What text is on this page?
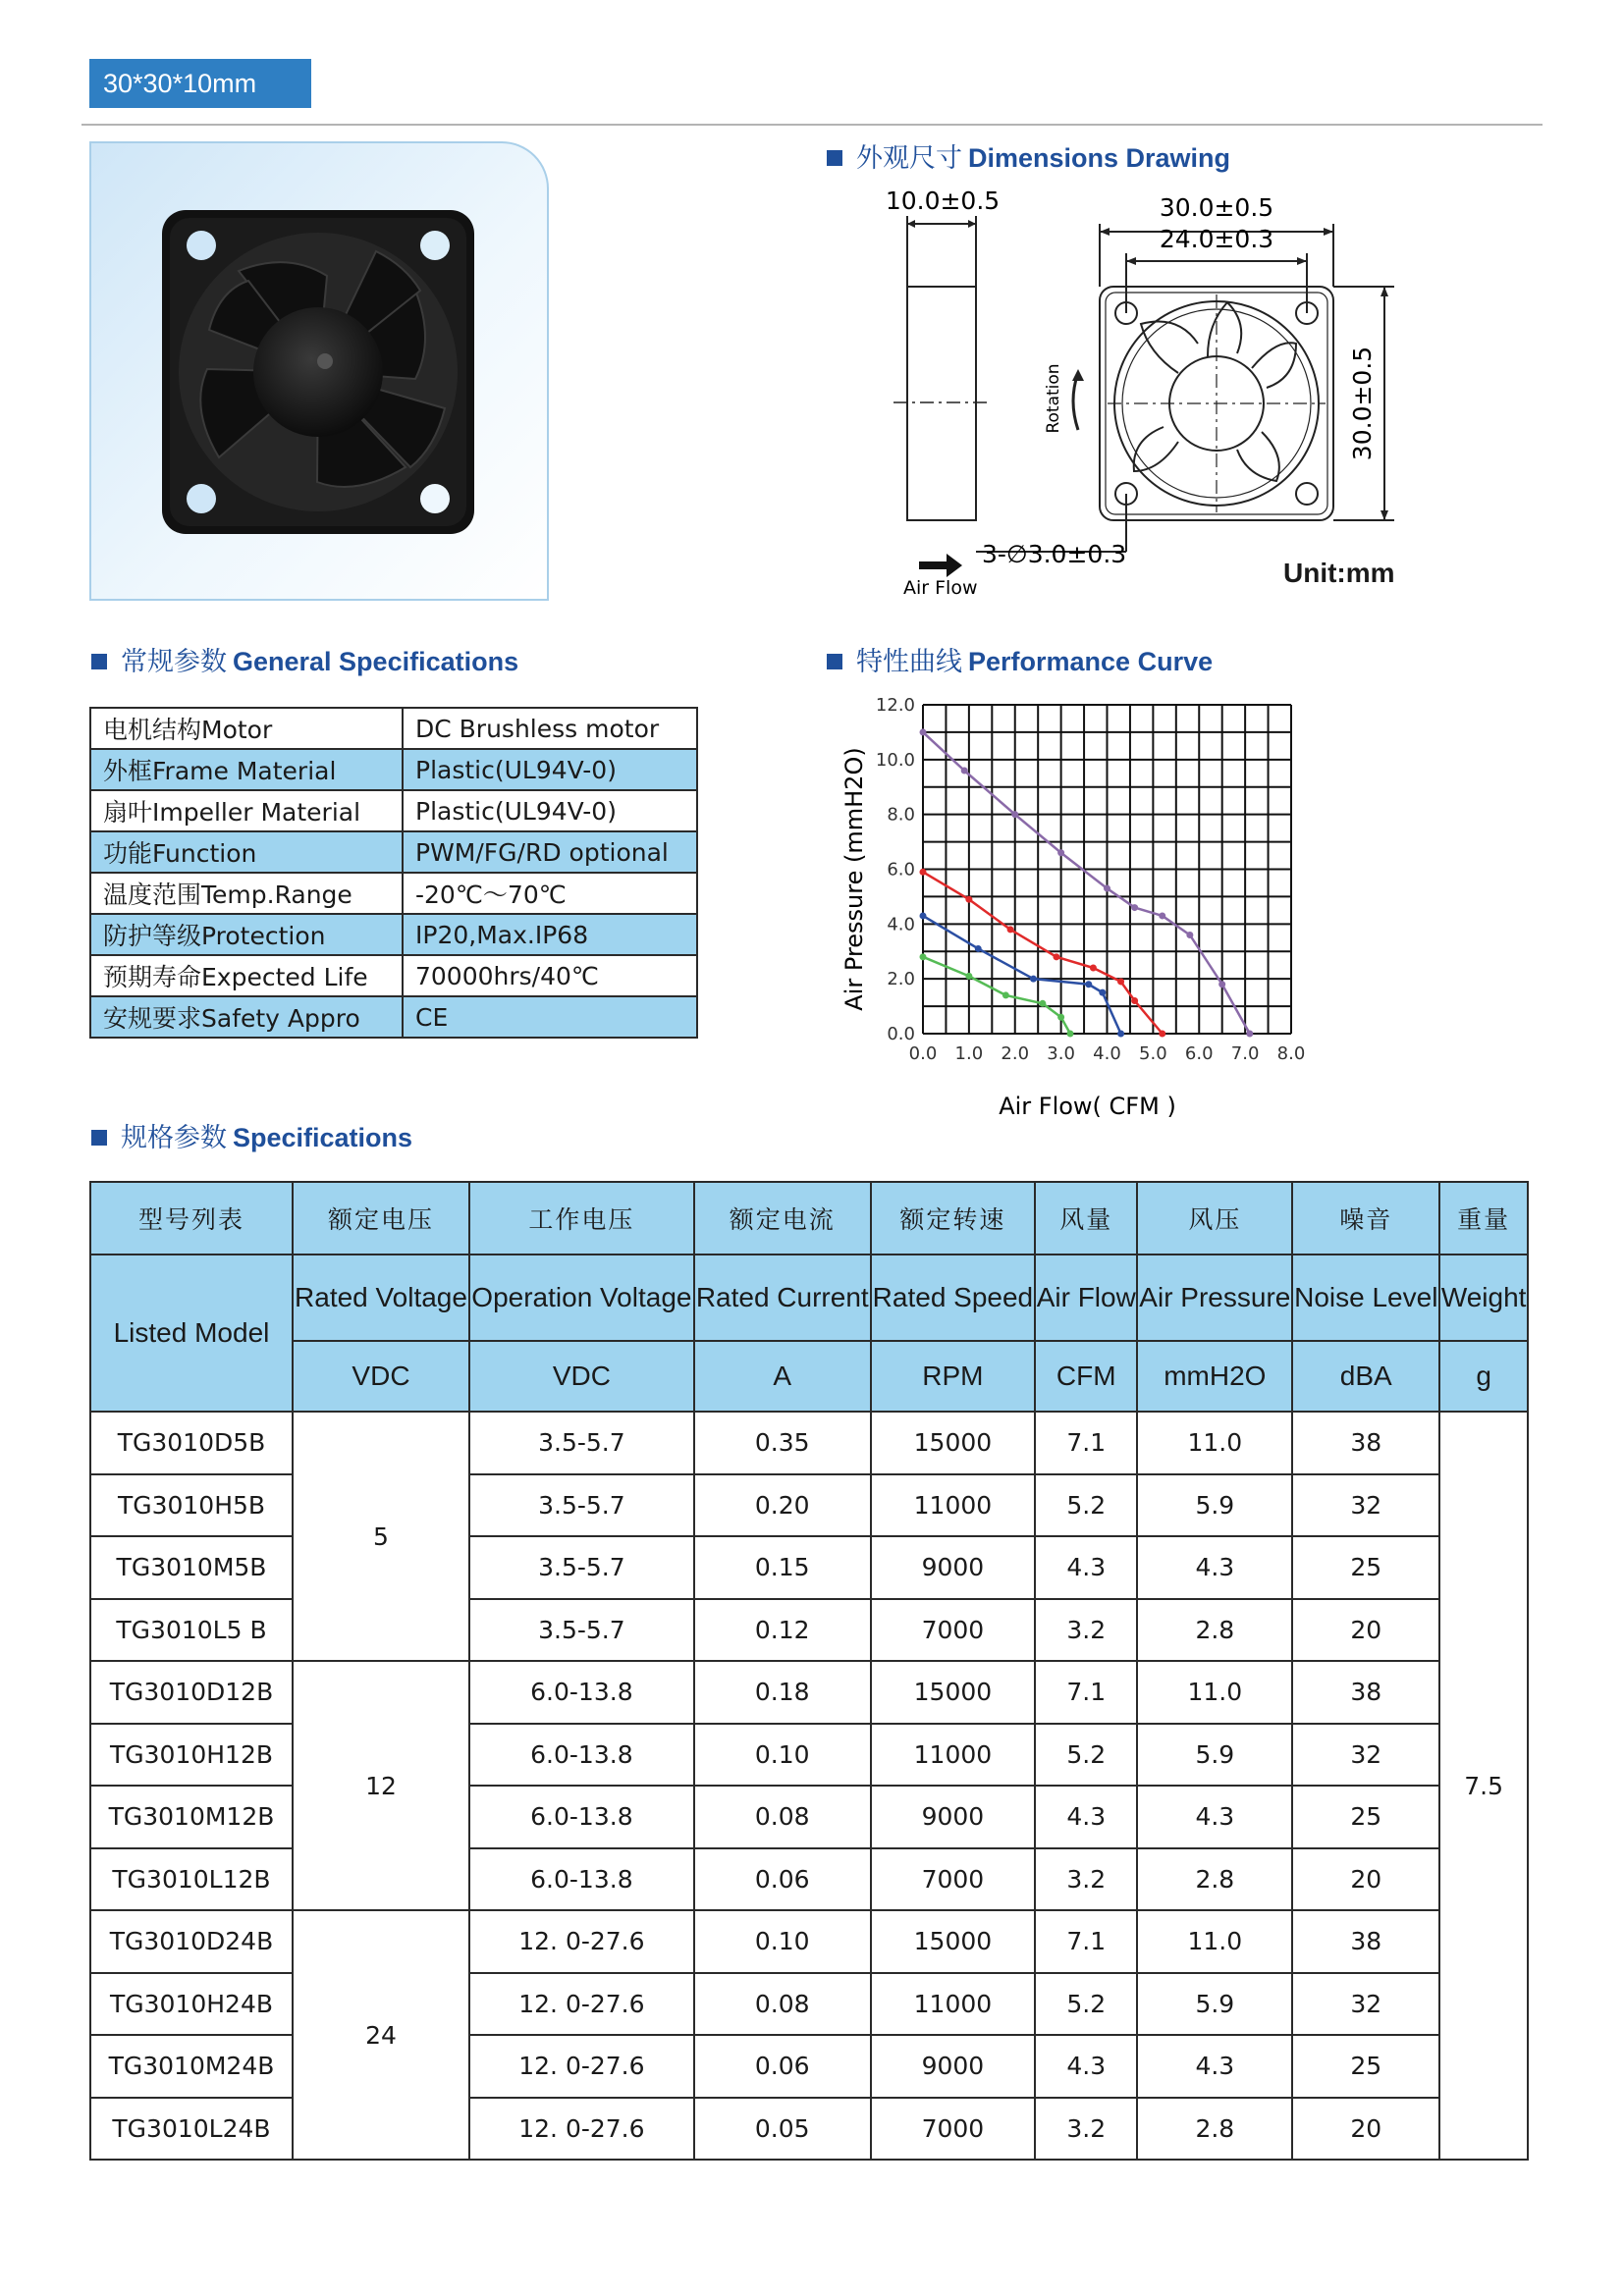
30*30*10mm
外观尺寸 Dimensions Drawing
10.0±0.5	30.0±0.5
24.0±0.3
30.0±0.5
Rotation
3-∅3.0±0.3
Air Flow	Unit:mm
常规参数 General Specifications
电机结构Motor	DC Brushless motor
外框Frame Material	Plastic(UL94V-0)
扇叶Impeller Material	Plastic(UL94V-0)
功能Function	PWM/FG/RD optional
温度范围Temp.Range	-20℃～70℃
防护等级Protection	IP20,Max.IP68
预期寿命Expected Life	70000hrs/40℃
安规要求Safety Appro	CE
特性曲线 Performance Curve
0.0 1.0 2.0 3.0 4.0 5.0 6.0 7.0 8.0
0.0
2.0
4.0
6.0
8.0
10.0
12.0
Air Flow( CFM )
Air Pressure (mmH2O)
规格参数 Specifications
型号列表	额定电压	工作电压	额定电流	额定转速	风量	风压	噪音	重量
Listed Model	Rated Voltage	Operation Voltage	Rated Current	Rated Speed	Air Flow	Air Pressure	Noise Level	Weight
	VDC	VDC	A	RPM	CFM	mmH2O	dBA	g
TG3010D5B	5	3.5-5.7	0.35	15000	7.1	11.0	38	7.5
TG3010H5B		3.5-5.7	0.20	11000	5.2	5.9	32	
TG3010M5B		3.5-5.7	0.15	9000	4.3	4.3	25	
TG3010L5 B		3.5-5.7	0.12	7000	3.2	2.8	20	
TG3010D12B	12	6.0-13.8	0.18	15000	7.1	11.0	38	
TG3010H12B		6.0-13.8	0.10	11000	5.2	5.9	32	
TG3010M12B		6.0-13.8	0.08	9000	4.3	4.3	25	
TG3010L12B		6.0-13.8	0.06	7000	3.2	2.8	20	
TG3010D24B	24	12. 0-27.6	0.10	15000	7.1	11.0	38	
TG3010H24B		12. 0-27.6	0.08	11000	5.2	5.9	32	
TG3010M24B		12. 0-27.6	0.06	9000	4.3	4.3	25	
TG3010L24B		12. 0-27.6	0.05	7000	3.2	2.8	20	
